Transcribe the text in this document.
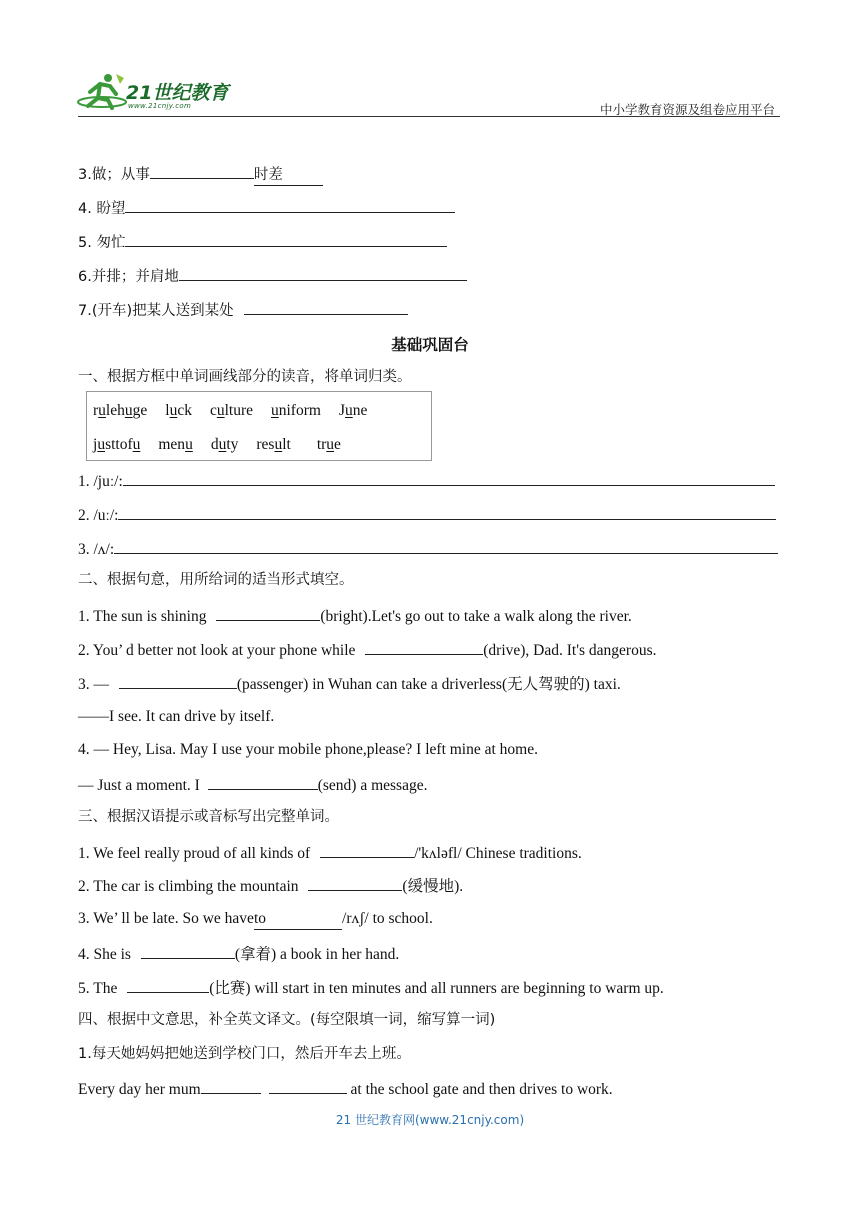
21世纪教育
www.21cnjy.com	中小学教育资源及组卷应用平台
3.做；从事	时差
4. 盼望
5. 匆忙
6.并排；并肩地
7.(开车)把某人送到某处
基础巩固台
一、根据方框中单词画线部分的读音，将单词归类。
rulehuge luck culture uniform June
justtofu menu duty result true
1. /juː/:
2. /uː/:
3. /ʌ/:
二、根据句意，用所给词的适当形式填空。
1. The sun is shining	(bright).Let's go out to take a walk along the river.
2. You’ d better not look at your phone while	(drive), Dad. It's dangerous.
3. —	(passenger) in Wuhan can take a driverless(无人驾驶的) taxi.
——I see. It can drive by itself.
4. — Hey, Lisa. May I use your mobile phone,please? I left mine at home.
— Just a moment. I	(send) a message.
三、根据汉语提示或音标写出完整单词。
1. We feel really proud of all kinds of	/'kʌləfl/ Chinese traditions.
2. The car is climbing the mountain	(缓慢地).
3. We’ ll be late. So we haveto	/rʌʃ/ to school.
4. She is	(拿着) a book in her hand.
5. The	(比赛) will start in ten minutes and all runners are beginning to warm up.
四、根据中文意思，补全英文译文。(每空限填一词，缩写算一词)
1.每天她妈妈把她送到学校门口，然后开车去上班。
Every day her mum	at the school gate and then drives to work.
21 世纪教育网(www.21cnjy.com)
